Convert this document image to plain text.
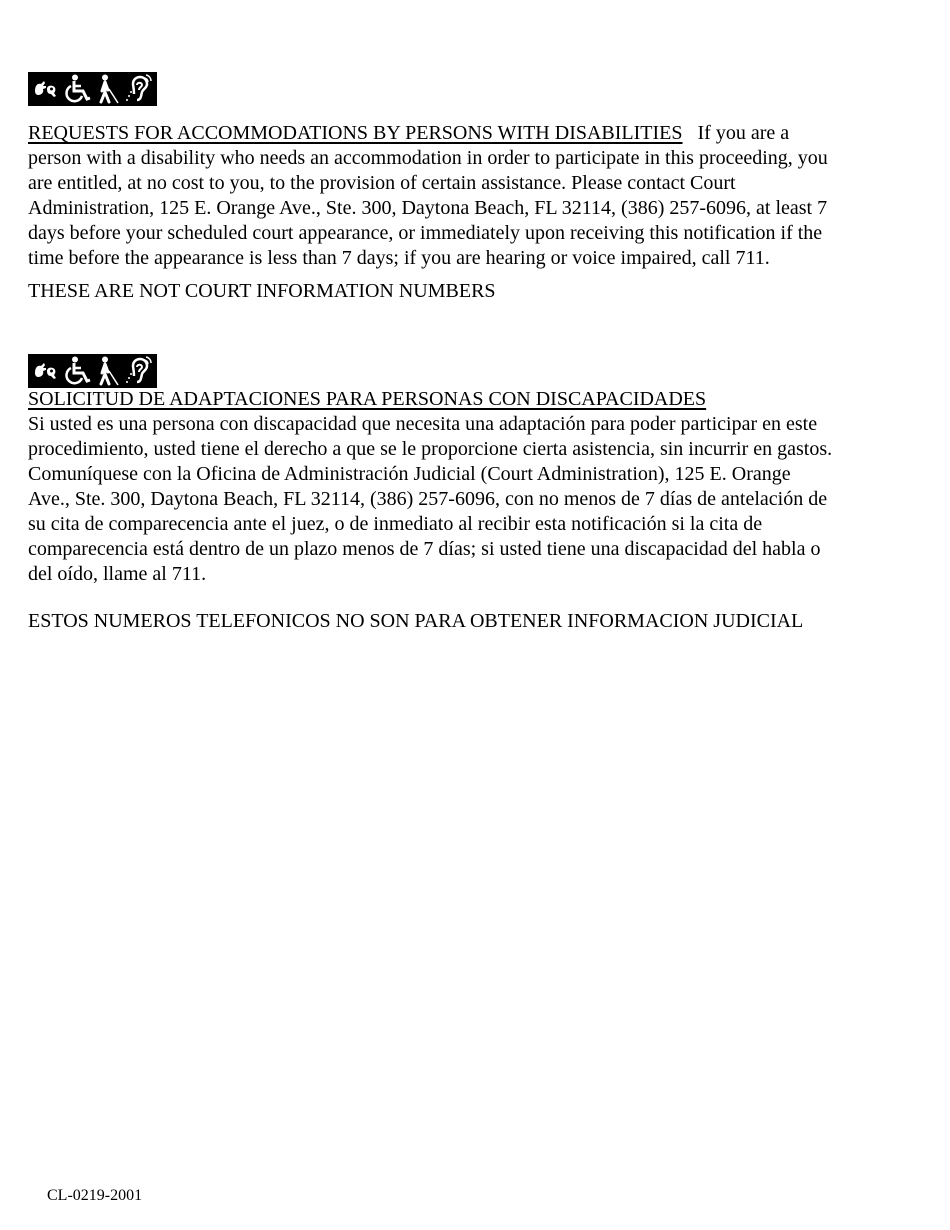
REQUESTS FOR ACCOMMODATIONS BY PERSONS WITH DISABILITIES If you are a
person with a disability who needs an accommodation in order to participate in this proceeding, you
are entitled, at no cost to you, to the provision of certain assistance. Please contact Court
Administration, 125 E. Orange Ave., Ste. 300, Daytona Beach, FL 32114, (386) 257-6096, at least 7
days before your scheduled court appearance, or immediately upon receiving this notification if the
time before the appearance is less than 7 days; if you are hearing or voice impaired, call 711.
THESE ARE NOT COURT INFORMATION NUMBERS
SOLICITUD DE ADAPTACIONES PARA PERSONAS CON DISCAPACIDADES
Si usted es una persona con discapacidad que necesita una adaptación para poder participar en este
procedimiento, usted tiene el derecho a que se le proporcione cierta asistencia, sin incurrir en gastos.
Comuníquese con la Oficina de Administración Judicial (Court Administration), 125 E. Orange
Ave., Ste. 300, Daytona Beach, FL 32114, (386) 257-6096, con no menos de 7 días de antelación de
su cita de comparecencia ante el juez, o de inmediato al recibir esta notificación si la cita de
comparecencia está dentro de un plazo menos de 7 días; si usted tiene una discapacidad del habla o
del oído, llame al 711.
ESTOS NUMEROS TELEFONICOS NO SON PARA OBTENER INFORMACION JUDICIAL
CL-0219-2001
